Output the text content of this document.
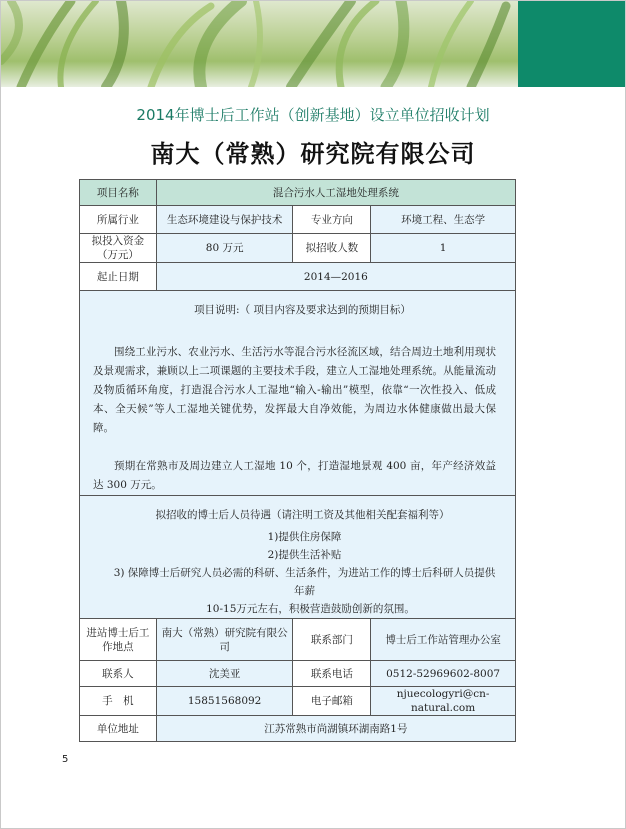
2014年博士后工作站（创新基地）设立单位招收计划
南大（常熟）研究院有限公司
项目名称	混合污水人工湿地处理系统		
所属行业	生态环境建设与保护技术	专业方向	环境工程、生态学
拟投入资金（万元）	80 万元	拟招收人数	1
起止日期	2014—2016		

项目说明:（ 项目内容及要求达到的预期目标）
围绕工业污水、农业污水、生活污水等混合污水径流区域，结合周边土地利用现状及景观需求，兼顾以上二项课题的主要技术手段，建立人工湿地处理系统。从能量流动及物质循环角度，打造混合污水人工湿地“输入-输出”模型，依靠“一次性投入、低成本、全天候”等人工湿地关键优势，发挥最大自净效能，为周边水体健康做出最大保障。
预期在常熟市及周边建立人工湿地 10 个，打造湿地景观 400 亩，年产经济效益达 300 万元。			

拟招收的博士后人员待遇（请注明工资及其他相关配套福利等）
1)提供住房保障
2)提供生活补贴
3) 保障博士后研究人员必需的科研、生活条件，为进站工作的博士后科研人员提供年薪
10-15万元左右，积极营造鼓励创新的氛围。			

进站博士后工作地点	南大（常熟）研究院有限公司	联系部门	博士后工作站管理办公室
联系人	沈美亚	联系电话	0512-52969602-8007
手　机	15851568092	电子邮箱	njuecologyri@cn-natural.com
单位地址	江苏常熟市尚湖镇环湖南路1号		
5
